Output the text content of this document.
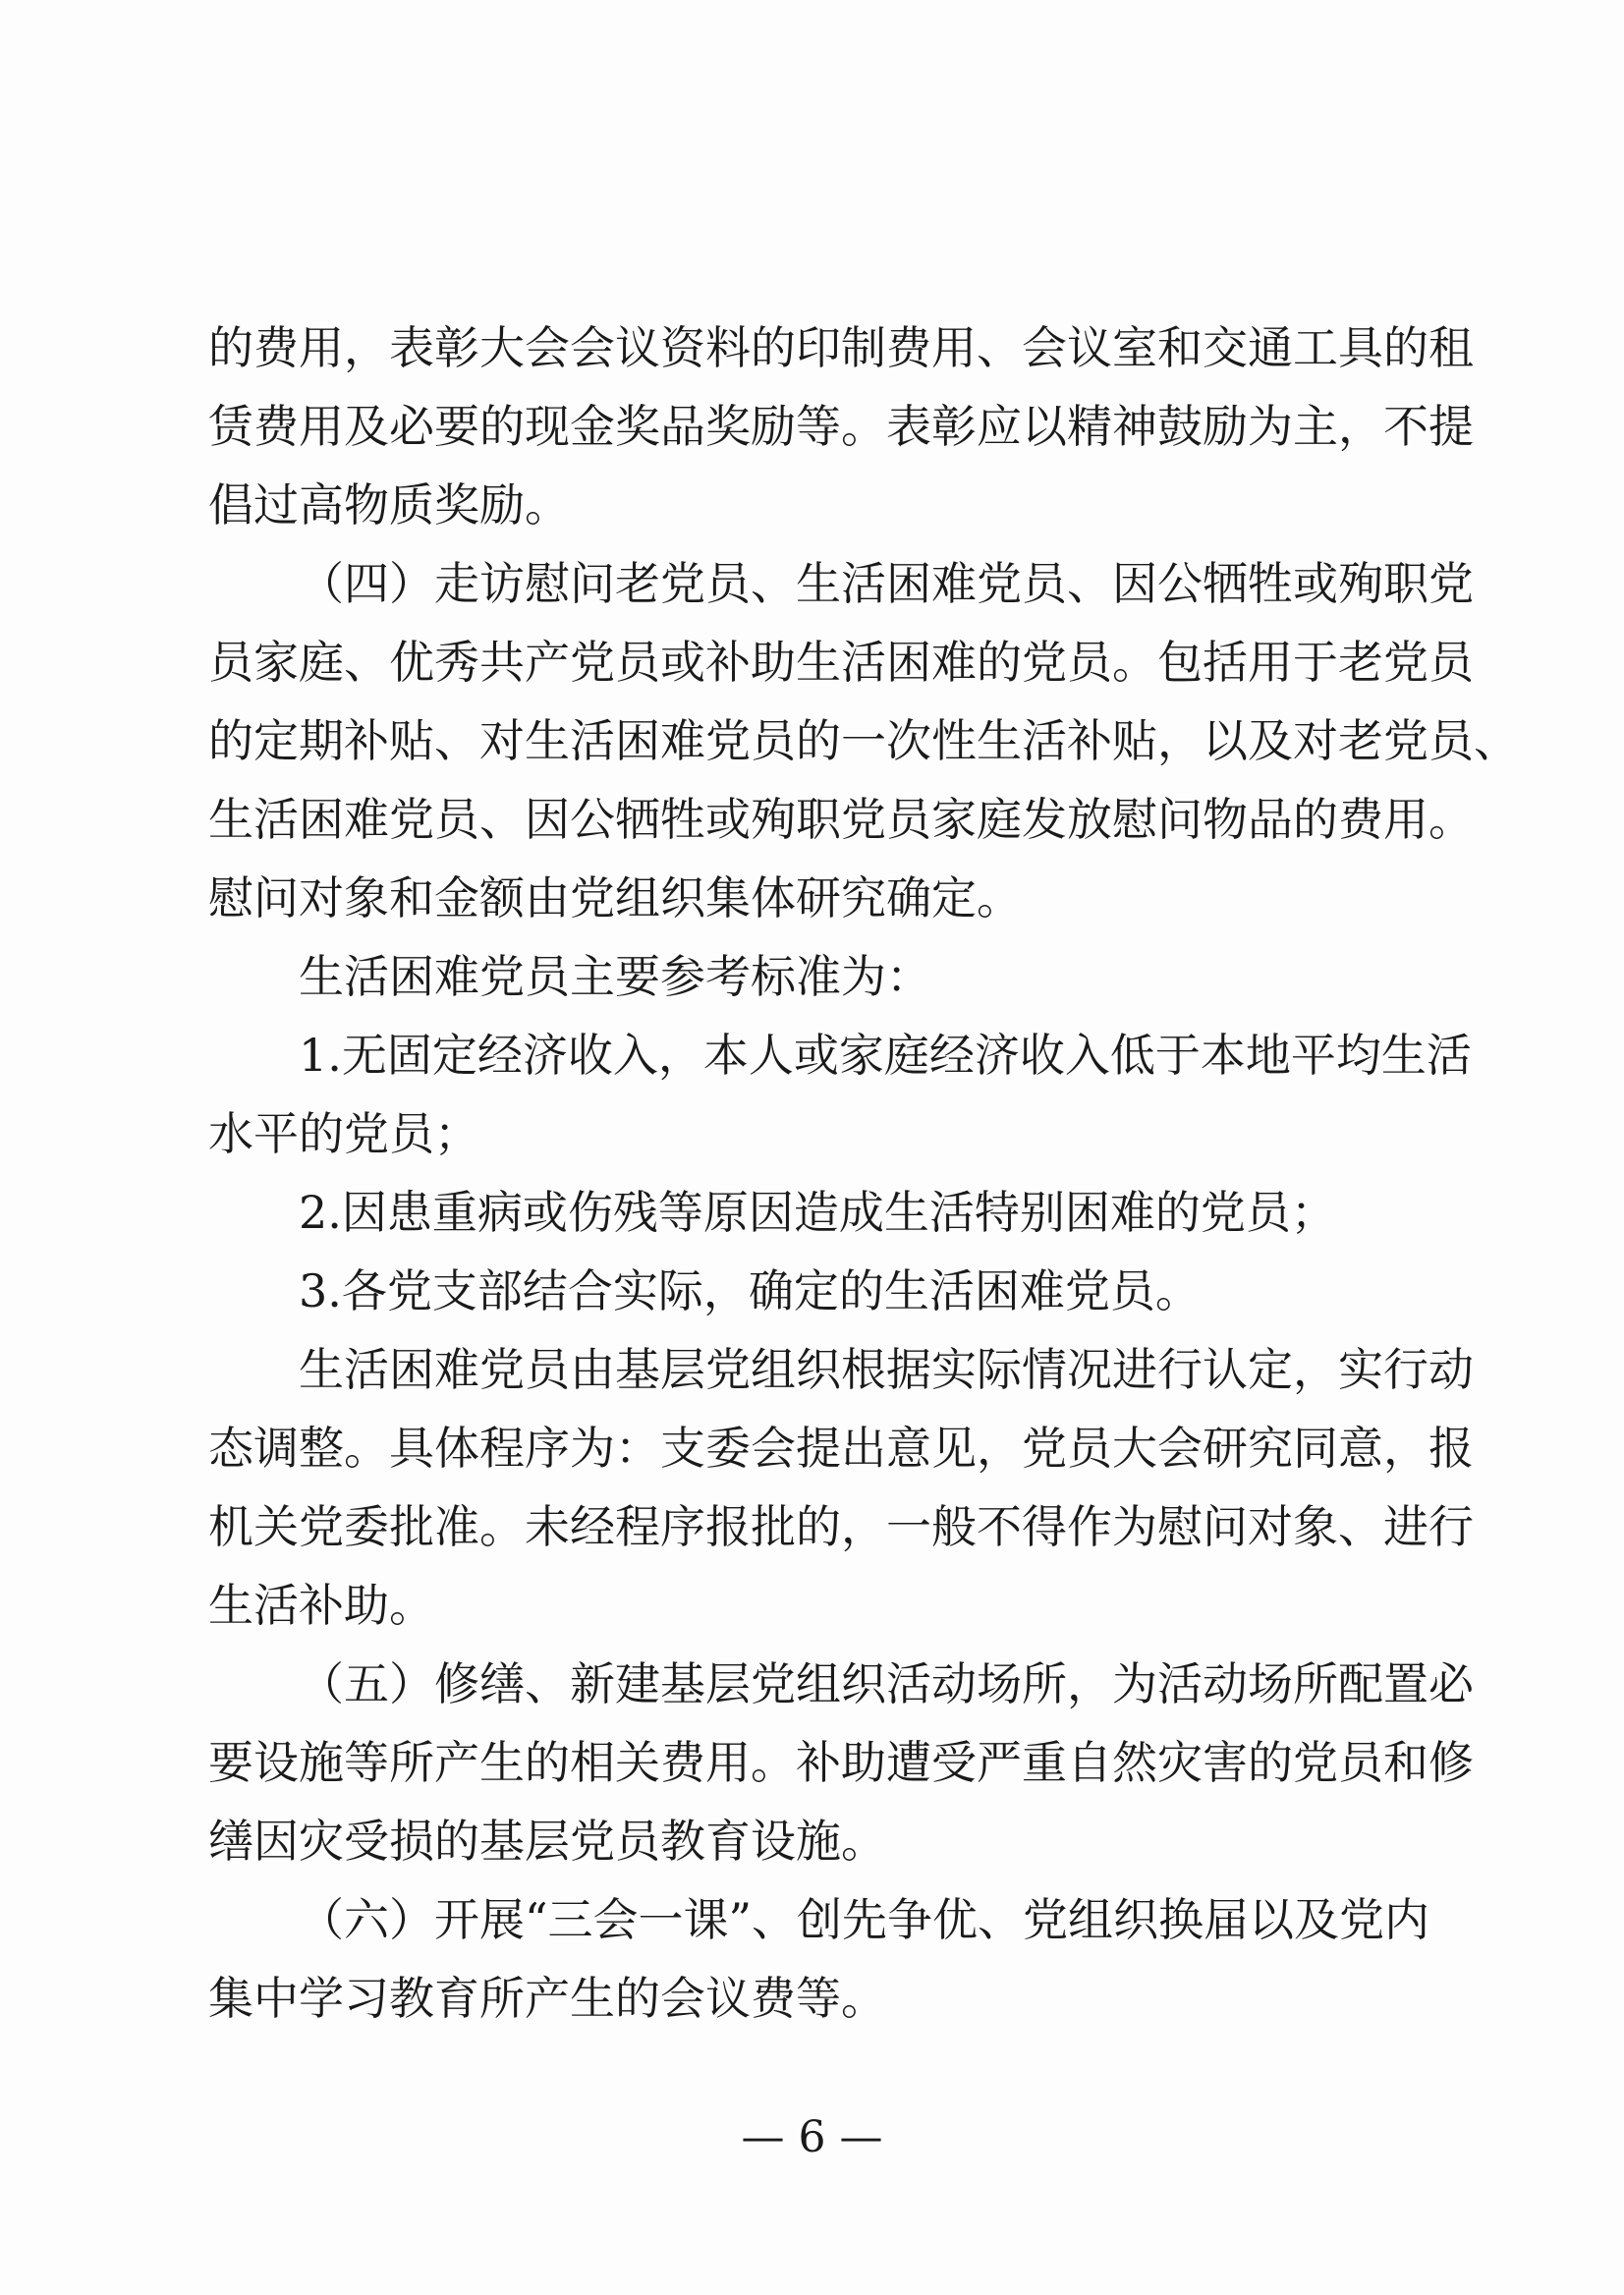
的费用，表彰大会会议资料的印制费用、会议室和交通工具的租
赁费用及必要的现金奖品奖励等。表彰应以精神鼓励为主，不提
倡过高物质奖励。
（四）走访慰问老党员、生活困难党员、因公牺牲或殉职党
员家庭、优秀共产党员或补助生活困难的党员。包括用于老党员
的定期补贴、对生活困难党员的一次性生活补贴，以及对老党员、
生活困难党员、因公牺牲或殉职党员家庭发放慰问物品的费用。
慰问对象和金额由党组织集体研究确定。
生活困难党员主要参考标准为：
1.无固定经济收入，本人或家庭经济收入低于本地平均生活
水平的党员；
2.因患重病或伤残等原因造成生活特别困难的党员；
3.各党支部结合实际，确定的生活困难党员。
生活困难党员由基层党组织根据实际情况进行认定，实行动
态调整。具体程序为：支委会提出意见，党员大会研究同意，报
机关党委批准。未经程序报批的，一般不得作为慰问对象、进行
生活补助。
（五）修缮、新建基层党组织活动场所，为活动场所配置必
要设施等所产生的相关费用。补助遭受严重自然灾害的党员和修
缮因灾受损的基层党员教育设施。
（六）开展“三会一课”、创先争优、党组织换届以及党内
集中学习教育所产生的会议费等。
— 6 —
